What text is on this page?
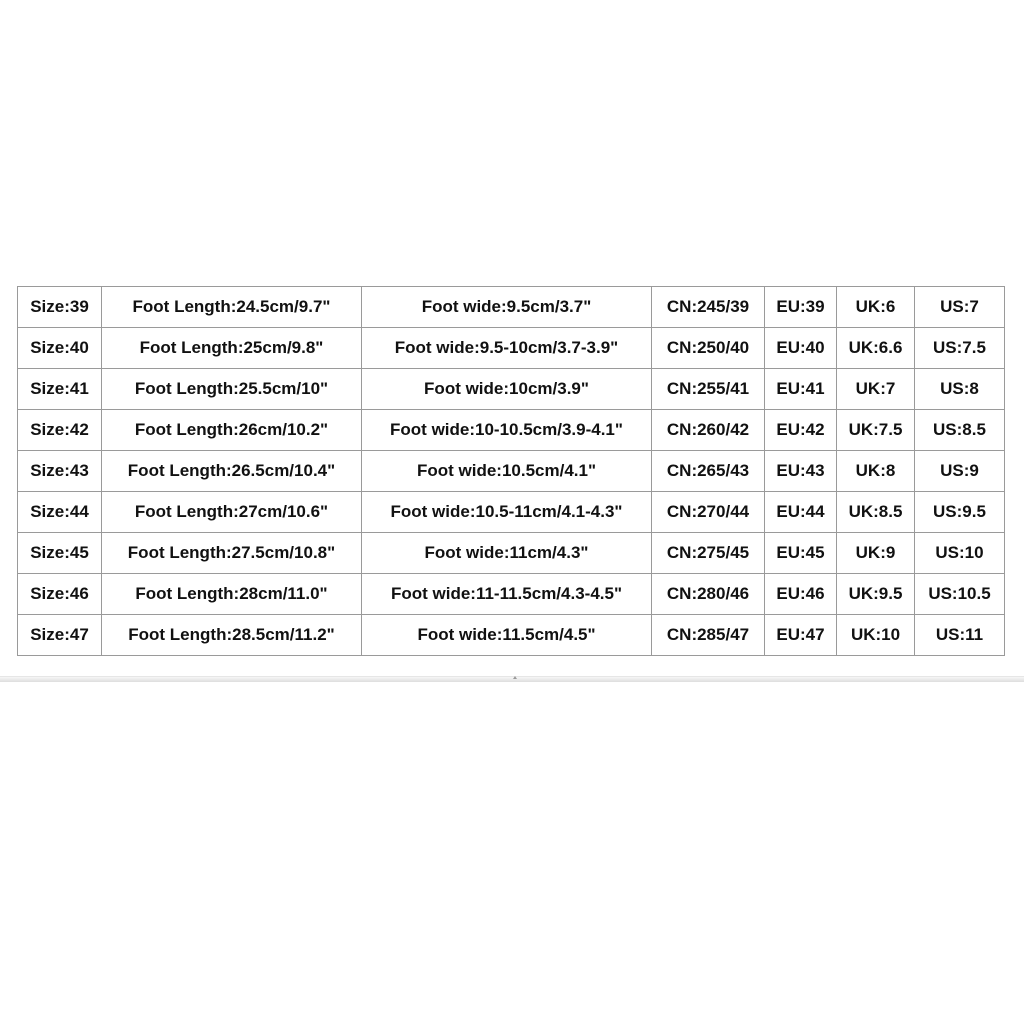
Size:39	Foot Length:24.5cm/9.7"	Foot wide:9.5cm/3.7"	CN:245/39	EU:39	UK:6	US:7
Size:40	Foot Length:25cm/9.8"	Foot wide:9.5-10cm/3.7-3.9"	CN:250/40	EU:40	UK:6.6	US:7.5
Size:41	Foot Length:25.5cm/10"	Foot wide:10cm/3.9"	CN:255/41	EU:41	UK:7	US:8
Size:42	Foot Length:26cm/10.2"	Foot wide:10-10.5cm/3.9-4.1"	CN:260/42	EU:42	UK:7.5	US:8.5
Size:43	Foot Length:26.5cm/10.4"	Foot wide:10.5cm/4.1"	CN:265/43	EU:43	UK:8	US:9
Size:44	Foot Length:27cm/10.6"	Foot wide:10.5-11cm/4.1-4.3"	CN:270/44	EU:44	UK:8.5	US:9.5
Size:45	Foot Length:27.5cm/10.8"	Foot wide:11cm/4.3"	CN:275/45	EU:45	UK:9	US:10
Size:46	Foot Length:28cm/11.0"	Foot wide:11-11.5cm/4.3-4.5"	CN:280/46	EU:46	UK:9.5	US:10.5
Size:47	Foot Length:28.5cm/11.2"	Foot wide:11.5cm/4.5"	CN:285/47	EU:47	UK:10	US:11
